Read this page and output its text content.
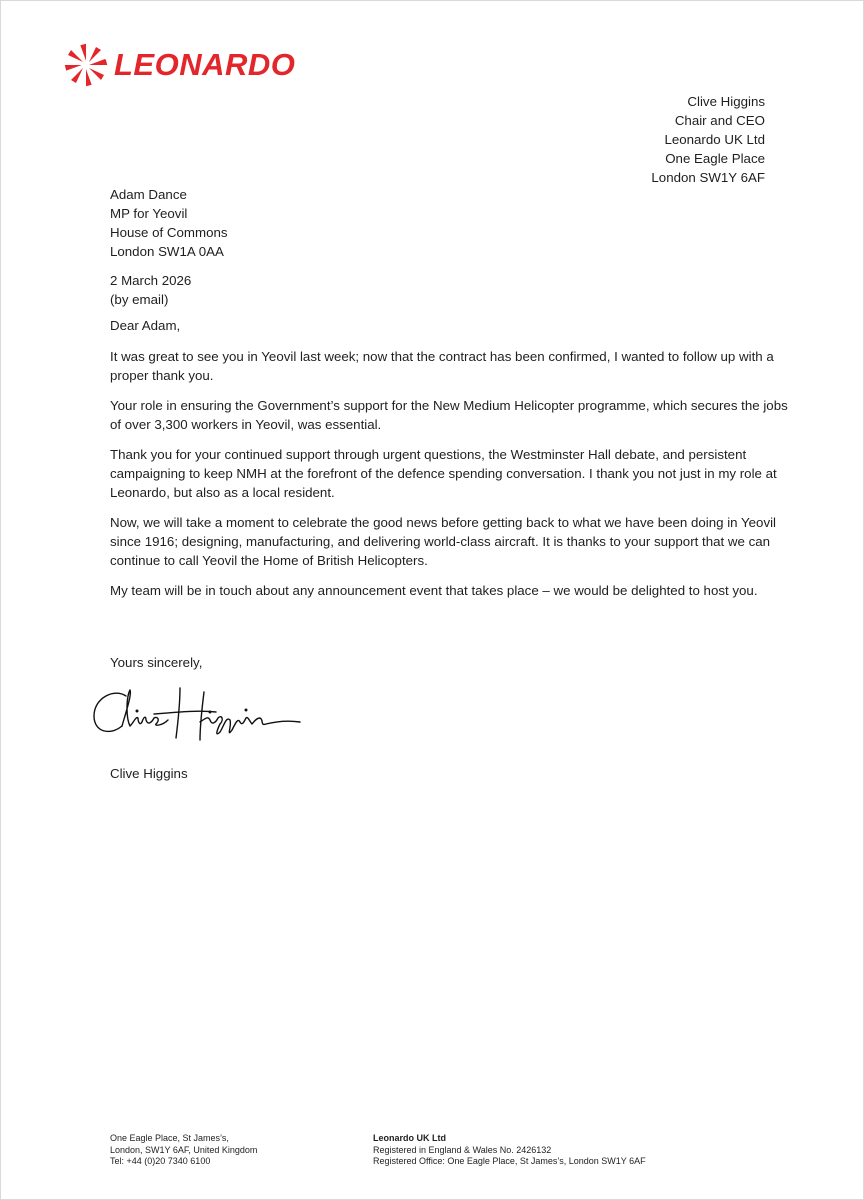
LEONARDO
Clive Higgins
Chair and CEO
Leonardo UK Ltd
One Eagle Place
London SW1Y 6AF
Adam Dance
MP for Yeovil
House of Commons
London SW1A 0AA
2 March 2026
(by email)
Dear Adam,

It was great to see you in Yeovil last week; now that the contract has been confirmed, I wanted to follow up with a proper thank you.

Your role in ensuring the Government’s support for the New Medium Helicopter programme, which secures the jobs of over 3,300 workers in Yeovil, was essential.

Thank you for your continued support through urgent questions, the Westminster Hall debate, and persistent campaigning to keep NMH at the forefront of the defence spending conversation. I thank you not just in my role at Leonardo, but also as a local resident.

Now, we will take a moment to celebrate the good news before getting back to what we have been doing in Yeovil since 1916; designing, manufacturing, and delivering world-class aircraft. It is thanks to your support that we can continue to call Yeovil the Home of British Helicopters.

My team will be in touch about any announcement event that takes place – we would be delighted to host you.

Yours sincerely,
Clive Higgins
One Eagle Place, St James’s,
London, SW1Y 6AF, United Kingdom
Tel: +44 (0)20 7340 6100
Leonardo UK Ltd
Registered in England & Wales No. 2426132
Registered Office: One Eagle Place, St James’s, London SW1Y 6AF
